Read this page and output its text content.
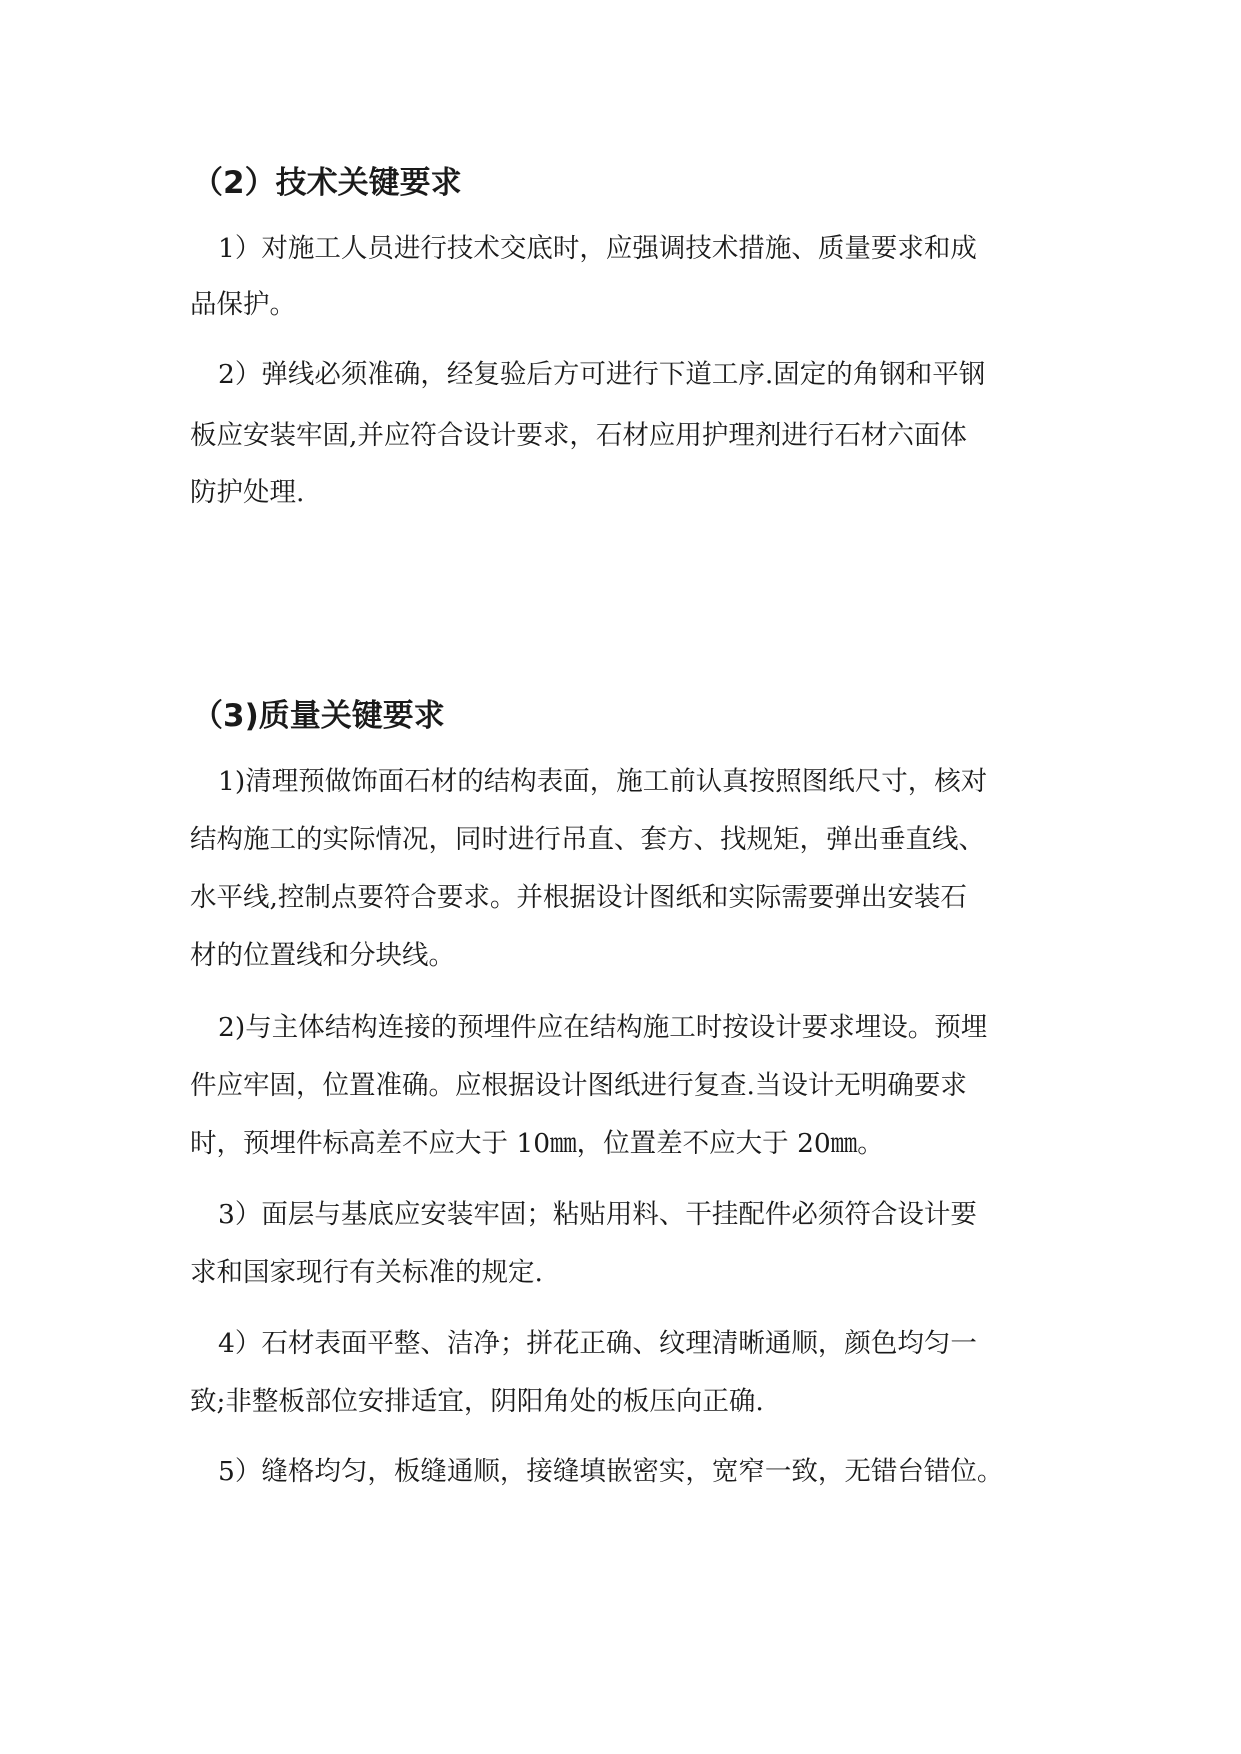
（2）技术关键要求

1）对施工人员进行技术交底时，应强调技术措施、质量要求和成

品保护。

2）弹线必须准确，经复验后方可进行下道工序.固定的角钢和平钢

板应安装牢固,并应符合设计要求，石材应用护理剂进行石材六面体

防护处理.

（3)质量关键要求

1)清理预做饰面石材的结构表面，施工前认真按照图纸尺寸，核对

结构施工的实际情况，同时进行吊直、套方、找规矩，弹出垂直线、

水平线,控制点要符合要求。并根据设计图纸和实际需要弹出安装石

材的位置线和分块线。

2)与主体结构连接的预埋件应在结构施工时按设计要求埋设。预埋

件应牢固，位置准确。应根据设计图纸进行复查.当设计无明确要求

时，预埋件标高差不应大于 10㎜，位置差不应大于 20㎜。

3）面层与基底应安装牢固；粘贴用料、干挂配件必须符合设计要

求和国家现行有关标准的规定.

4）石材表面平整、洁净；拼花正确、纹理清晰通顺，颜色均匀一

致;非整板部位安排适宜，阴阳角处的板压向正确.

5）缝格均匀，板缝通顺，接缝填嵌密实，宽窄一致，无错台错位。
